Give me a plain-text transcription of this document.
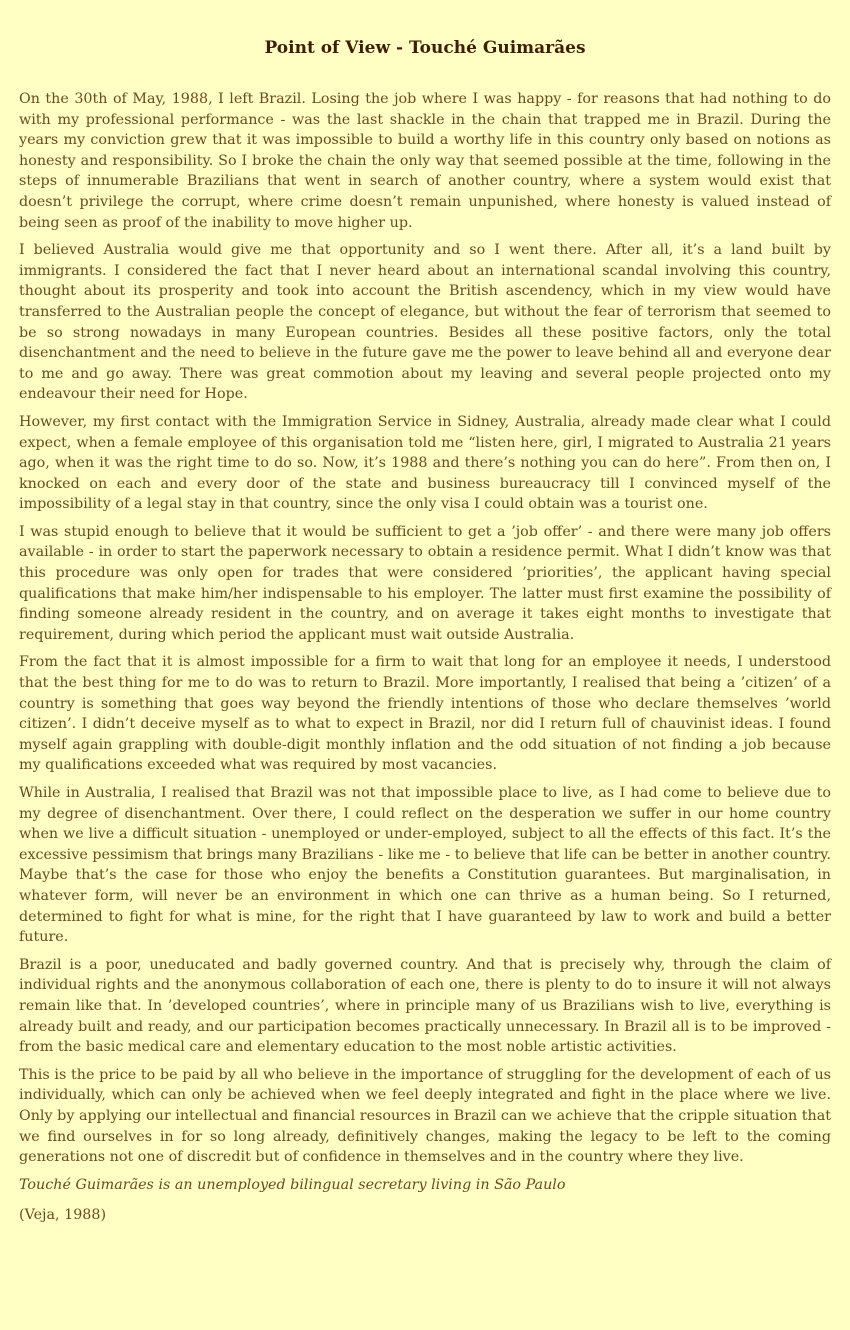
Point of View - Touché Guimarães

On the 30th of May, 1988, I left Brazil. Losing the job where I was happy - for reasons that had nothing to do with my professional performance - was the last shackle in the chain that trapped me in Brazil. During the years my conviction grew that it was impossible to build a worthy life in this country only based on notions as honesty and responsibility. So I broke the chain the only way that seemed possible at the time, following in the steps of innumerable Brazilians that went in search of another country, where a system would exist that doesn’t privilege the corrupt, where crime doesn’t remain unpunished, where honesty is valued instead of being seen as proof of the inability to move higher up.

I believed Australia would give me that opportunity and so I went there. After all, it’s a land built by immigrants. I considered the fact that I never heard about an international scandal involving this country, thought about its prosperity and took into account the British ascendency, which in my view would have transferred to the Australian people the concept of elegance, but without the fear of terrorism that seemed to be so strong nowadays in many European countries. Besides all these positive factors, only the total disenchantment and the need to believe in the future gave me the power to leave behind all and everyone dear to me and go away. There was great commotion about my leaving and several people projected onto my endeavour their need for Hope.

However, my first contact with the Immigration Service in Sidney, Australia, already made clear what I could expect, when a female employee of this organisation told me “listen here, girl, I migrated to Australia 21 years ago, when it was the right time to do so. Now, it’s 1988 and there’s nothing you can do here”. From then on, I knocked on each and every door of the state and business bureaucracy till I convinced myself of the impossibility of a legal stay in that country, since the only visa I could obtain was a tourist one.

I was stupid enough to believe that it would be sufficient to get a ’job offer’ - and there were many job offers available - in order to start the paperwork necessary to obtain a residence permit. What I didn’t know was that this procedure was only open for trades that were considered ’priorities’, the applicant having special qualifications that make him/her indispensable to his employer. The latter must first examine the possibility of finding someone already resident in the country, and on average it takes eight months to investigate that requirement, during which period the applicant must wait outside Australia.

From the fact that it is almost impossible for a firm to wait that long for an employee it needs, I understood that the best thing for me to do was to return to Brazil. More importantly, I realised that being a ’citizen’ of a country is something that goes way beyond the friendly intentions of those who declare themselves ’world citizen’. I didn’t deceive myself as to what to expect in Brazil, nor did I return full of chauvinist ideas. I found myself again grappling with double-digit monthly inflation and the odd situation of not finding a job because my qualifications exceeded what was required by most vacancies.

While in Australia, I realised that Brazil was not that impossible place to live, as I had come to believe due to my degree of disenchantment. Over there, I could reflect on the desperation we suffer in our home country when we live a difficult situation - unemployed or under-employed, subject to all the effects of this fact. It’s the excessive pessimism that brings many Brazilians - like me - to believe that life can be better in another country. Maybe that’s the case for those who enjoy the benefits a Constitution guarantees. But marginalisation, in whatever form, will never be an environment in which one can thrive as a human being. So I returned, determined to fight for what is mine, for the right that I have guaranteed by law to work and build a better future.

Brazil is a poor, uneducated and badly governed country. And that is precisely why, through the claim of individual rights and the anonymous collaboration of each one, there is plenty to do to insure it will not always remain like that. In ’developed countries’, where in principle many of us Brazilians wish to live, everything is already built and ready, and our participation becomes practically unnecessary. In Brazil all is to be improved - from the basic medical care and elementary education to the most noble artistic activities.

This is the price to be paid by all who believe in the importance of struggling for the development of each of us individually, which can only be achieved when we feel deeply integrated and fight in the place where we live. Only by applying our intellectual and financial resources in Brazil can we achieve that the cripple situation that we find ourselves in for so long already, definitively changes, making the legacy to be left to the coming generations not one of discredit but of confidence in themselves and in the country where they live.

Touché Guimarães is an unemployed bilingual secretary living in São Paulo

(Veja, 1988)
